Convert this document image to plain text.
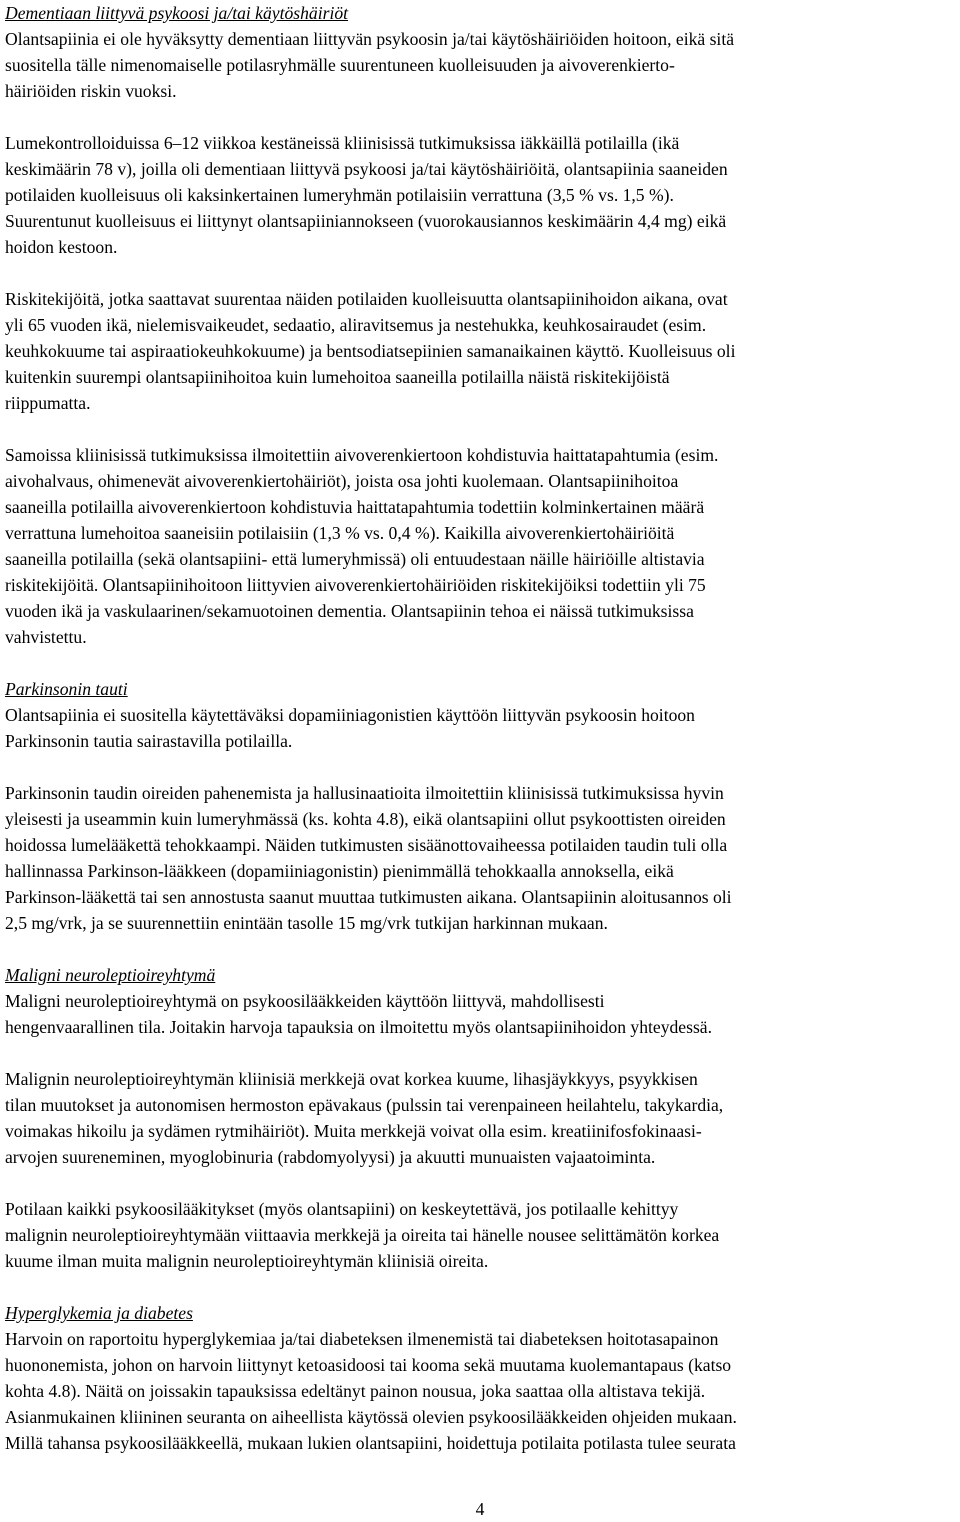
Dementiaan liittyvä psykoosi ja/tai käytöshäiriöt

Olantsapiinia ei ole hyväksytty dementiaan liittyvän psykoosin ja/tai käytöshäiriöiden hoitoon, eikä sitä
suositella tälle nimenomaiselle potilasryhmälle suurentuneen kuolleisuuden ja aivoverenkierto-
häiriöiden riskin vuoksi.

Lumekontrolloiduissa 6–12 viikkoa kestäneissä kliinisissä tutkimuksissa iäkkäillä potilailla (ikä
keskimäärin 78 v), joilla oli dementiaan liittyvä psykoosi ja/tai käytöshäiriöitä, olantsapiinia saaneiden
potilaiden kuolleisuus oli kaksinkertainen lumeryhmän potilaisiin verrattuna (3,5 % vs. 1,5 %).
Suurentunut kuolleisuus ei liittynyt olantsapiiniannokseen (vuorokausiannos keskimäärin 4,4 mg) eikä
hoidon kestoon.

Riskitekijöitä, jotka saattavat suurentaa näiden potilaiden kuolleisuutta olantsapiinihoidon aikana, ovat
yli 65 vuoden ikä, nielemisvaikeudet, sedaatio, aliravitsemus ja nestehukka, keuhkosairaudet (esim.
keuhkokuume tai aspiraatiokeuhkokuume) ja bentsodiatsepiinien samanaikainen käyttö. Kuolleisuus oli
kuitenkin suurempi olantsapiinihoitoa kuin lumehoitoa saaneilla potilailla näistä riskitekijöistä
riippumatta.

Samoissa kliinisissä tutkimuksissa ilmoitettiin aivoverenkiertoon kohdistuvia haittatapahtumia (esim.
aivohalvaus, ohimenevät aivoverenkiertohäiriöt), joista osa johti kuolemaan. Olantsapiinihoitoa
saaneilla potilailla aivoverenkiertoon kohdistuvia haittatapahtumia todettiin kolminkertainen määrä
verrattuna lumehoitoa saaneisiin potilaisiin (1,3 % vs. 0,4 %). Kaikilla aivoverenkiertohäiriöitä
saaneilla potilailla (sekä olantsapiini- että lumeryhmissä) oli entuudestaan näille häiriöille altistavia
riskitekijöitä. Olantsapiinihoitoon liittyvien aivoverenkiertohäiriöiden riskitekijöiksi todettiin yli 75
vuoden ikä ja vaskulaarinen/sekamuotoinen dementia. Olantsapiinin tehoa ei näissä tutkimuksissa
vahvistettu.

Parkinsonin tauti

Olantsapiinia ei suositella käytettäväksi dopamiiniagonistien käyttöön liittyvän psykoosin hoitoon
Parkinsonin tautia sairastavilla potilailla.

Parkinsonin taudin oireiden pahenemista ja hallusinaatioita ilmoitettiin kliinisissä tutkimuksissa hyvin
yleisesti ja useammin kuin lumeryhmässä (ks. kohta 4.8), eikä olantsapiini ollut psykoottisten oireiden
hoidossa lumelääkettä tehokkaampi. Näiden tutkimusten sisäänottovaiheessa potilaiden taudin tuli olla
hallinnassa Parkinson-lääkkeen (dopamiiniagonistin) pienimmällä tehokkaalla annoksella, eikä
Parkinson-lääkettä tai sen annostusta saanut muuttaa tutkimusten aikana. Olantsapiinin aloitusannos oli
2,5 mg/vrk, ja se suurennettiin enintään tasolle 15 mg/vrk tutkijan harkinnan mukaan.

Maligni neuroleptioireyhtymä

Maligni neuroleptioireyhtymä on psykoosilääkkeiden käyttöön liittyvä, mahdollisesti
hengenvaarallinen tila. Joitakin harvoja tapauksia on ilmoitettu myös olantsapiinihoidon yhteydessä.

Malignin neuroleptioireyhtymän kliinisiä merkkejä ovat korkea kuume, lihasjäykkyys, psyykkisen
tilan muutokset ja autonomisen hermoston epävakaus (pulssin tai verenpaineen heilahtelu, takykardia,
voimakas hikoilu ja sydämen rytmihäiriöt). Muita merkkejä voivat olla esim. kreatiinifosfokinaasi-
arvojen suureneminen, myoglobinuria (rabdomyolyysi) ja akuutti munuaisten vajaatoiminta.

Potilaan kaikki psykoosilääkitykset (myös olantsapiini) on keskeytettävä, jos potilaalle kehittyy
malignin neuroleptioireyhtymään viittaavia merkkejä ja oireita tai hänelle nousee selittämätön korkea
kuume ilman muita malignin neuroleptioireyhtymän kliinisiä oireita.

Hyperglykemia ja diabetes

Harvoin on raportoitu hyperglykemiaa ja/tai diabeteksen ilmenemistä tai diabeteksen hoitotasapainon
huononemista, johon on harvoin liittynyt ketoasidoosi tai kooma sekä muutama kuolemantapaus (katso
kohta 4.8). Näitä on joissakin tapauksissa edeltänyt painon nousua, joka saattaa olla altistava tekijä.
Asianmukainen kliininen seuranta on aiheellista käytössä olevien psykoosilääkkeiden ohjeiden mukaan.
Millä tahansa psykoosilääkkeellä, mukaan lukien olantsapiini, hoidettuja potilaita potilasta tulee seurata

4
